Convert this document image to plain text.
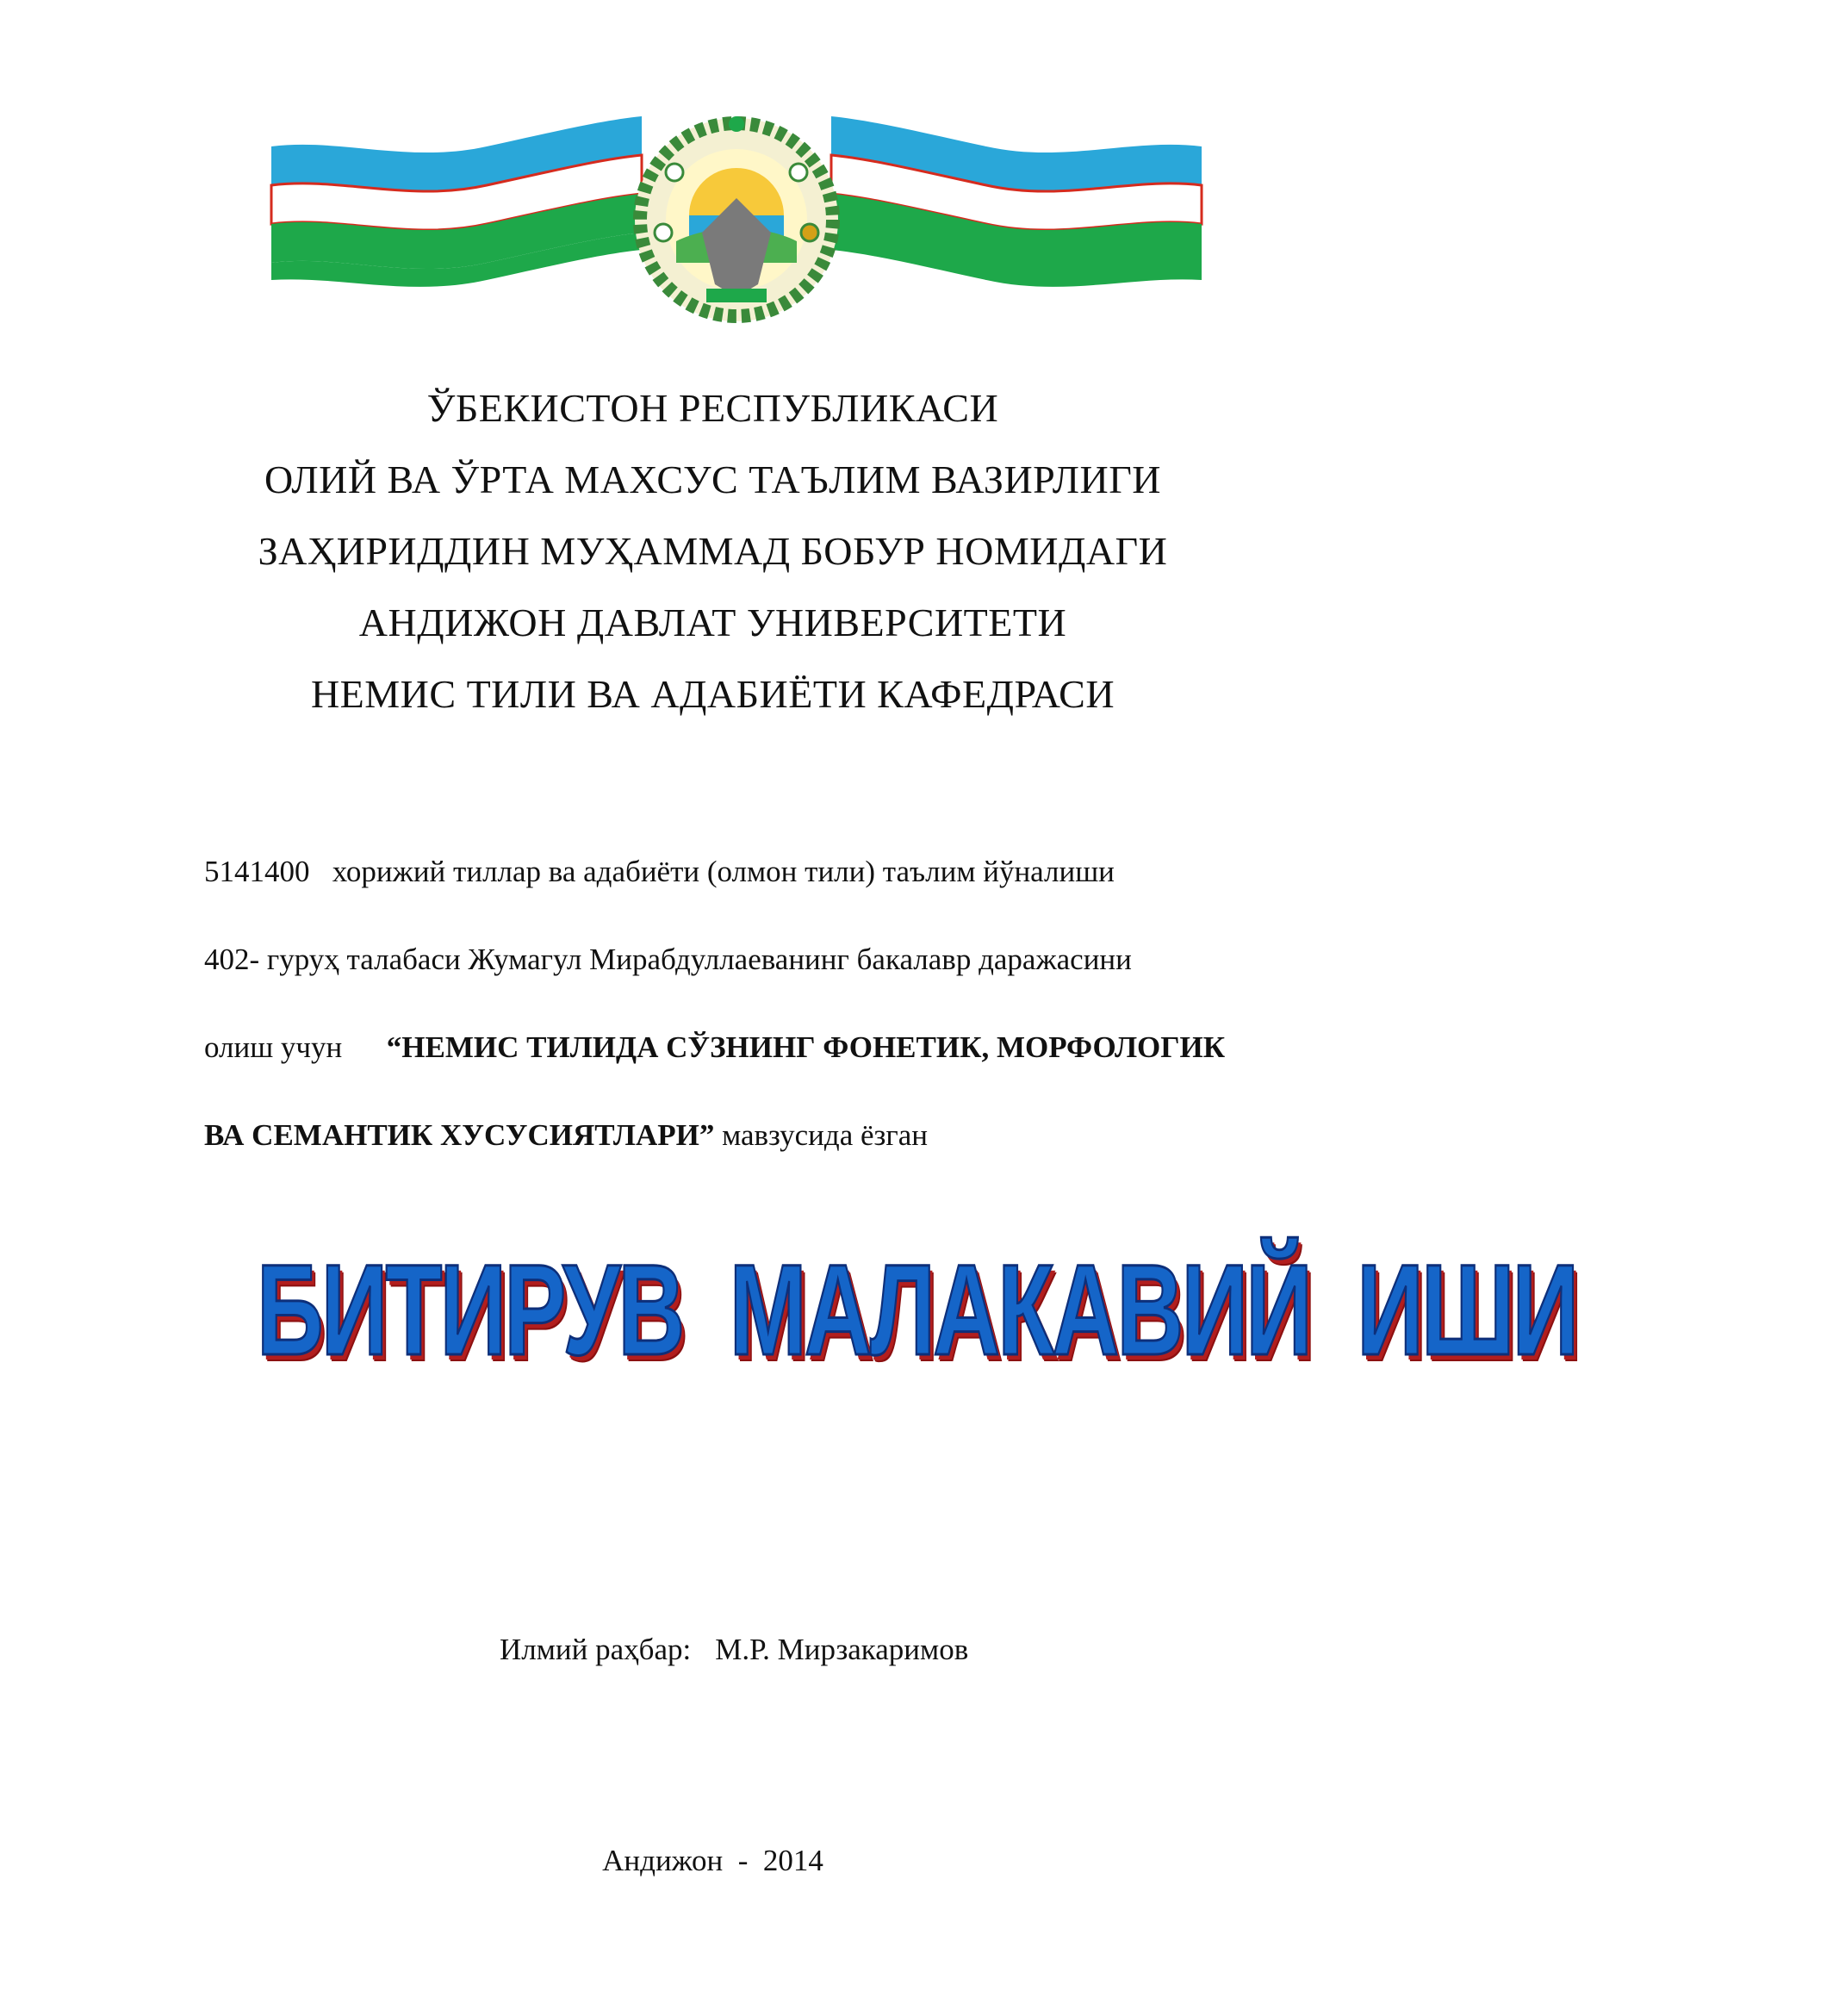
ЎБЕКИСТОН РЕСПУБЛИКАСИ
ОЛИЙ ВА ЎРТА МАХСУС ТАЪЛИМ ВАЗИРЛИГИ
ЗАҲИРИДДИН МУҲАММАД БОБУР НОМИДАГИ
АНДИЖОН ДАВЛАТ УНИВЕРСИТЕТИ
НЕМИС ТИЛИ ВА АДАБИЁТИ КАФЕДРАСИ
5141400   хорижий тиллар ва адабиёти (олмон тили) таълим йўналиши
402- гуруҳ талабаси Жумагул Мирабдуллаеванинг бакалавр даражасини
олиш учун “НЕМИС ТИЛИДА СЎЗНИНГ ФОНЕТИК, МОРФОЛОГИК
ВА СЕМАНТИК ХУСУСИЯТЛАРИ” мавзусида ёзган
БИТИРУВ  МАЛАКАВИЙ  ИШИ
Илмий раҳбар: М.Р. Мирзакаримов
Андижон  -  2014
